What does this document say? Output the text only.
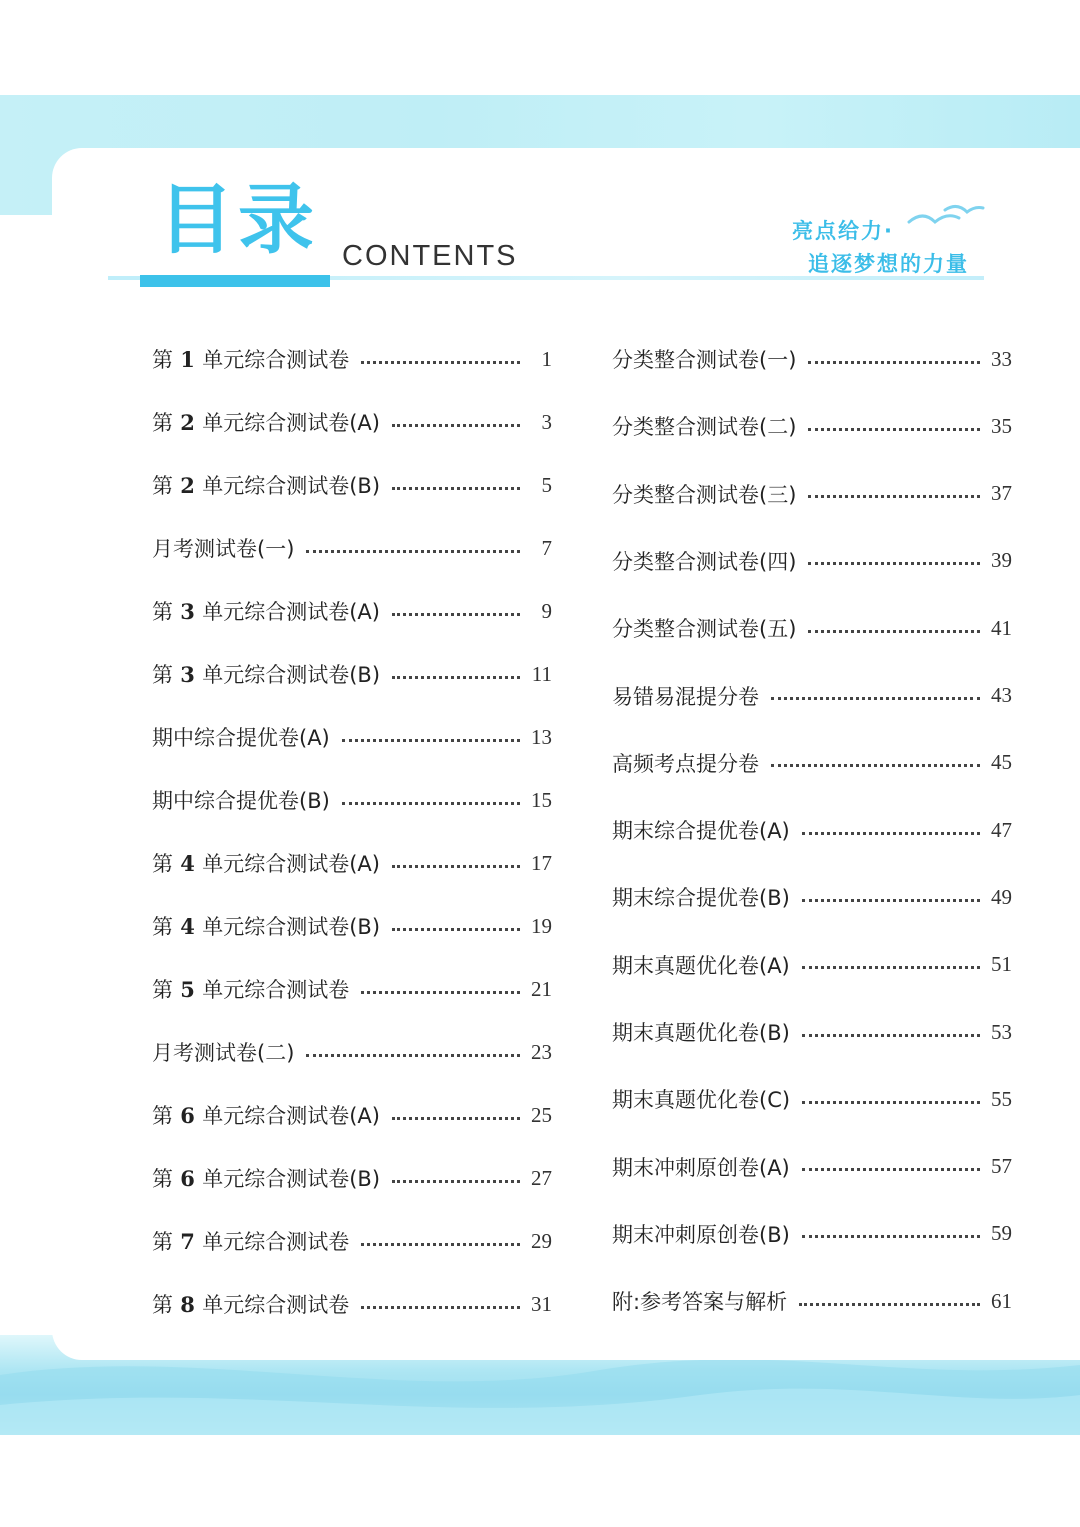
目录 CONTENTS
亮点给力·
追逐梦想的力量
第 1 单元综合测试卷	1
第 2 单元综合测试卷(A)	3
第 2 单元综合测试卷(B)	5
月考测试卷(一)	7
第 3 单元综合测试卷(A)	9
第 3 单元综合测试卷(B)	11
期中综合提优卷(A)	13
期中综合提优卷(B)	15
第 4 单元综合测试卷(A)	17
第 4 单元综合测试卷(B)	19
第 5 单元综合测试卷	21
月考测试卷(二)	23
第 6 单元综合测试卷(A)	25
第 6 单元综合测试卷(B)	27
第 7 单元综合测试卷	29
第 8 单元综合测试卷	31
分类整合测试卷(一)	33
分类整合测试卷(二)	35
分类整合测试卷(三)	37
分类整合测试卷(四)	39
分类整合测试卷(五)	41
易错易混提分卷	43
高频考点提分卷	45
期末综合提优卷(A)	47
期末综合提优卷(B)	49
期末真题优化卷(A)	51
期末真题优化卷(B)	53
期末真题优化卷(C)	55
期末冲刺原创卷(A)	57
期末冲刺原创卷(B)	59
附:参考答案与解析	61
